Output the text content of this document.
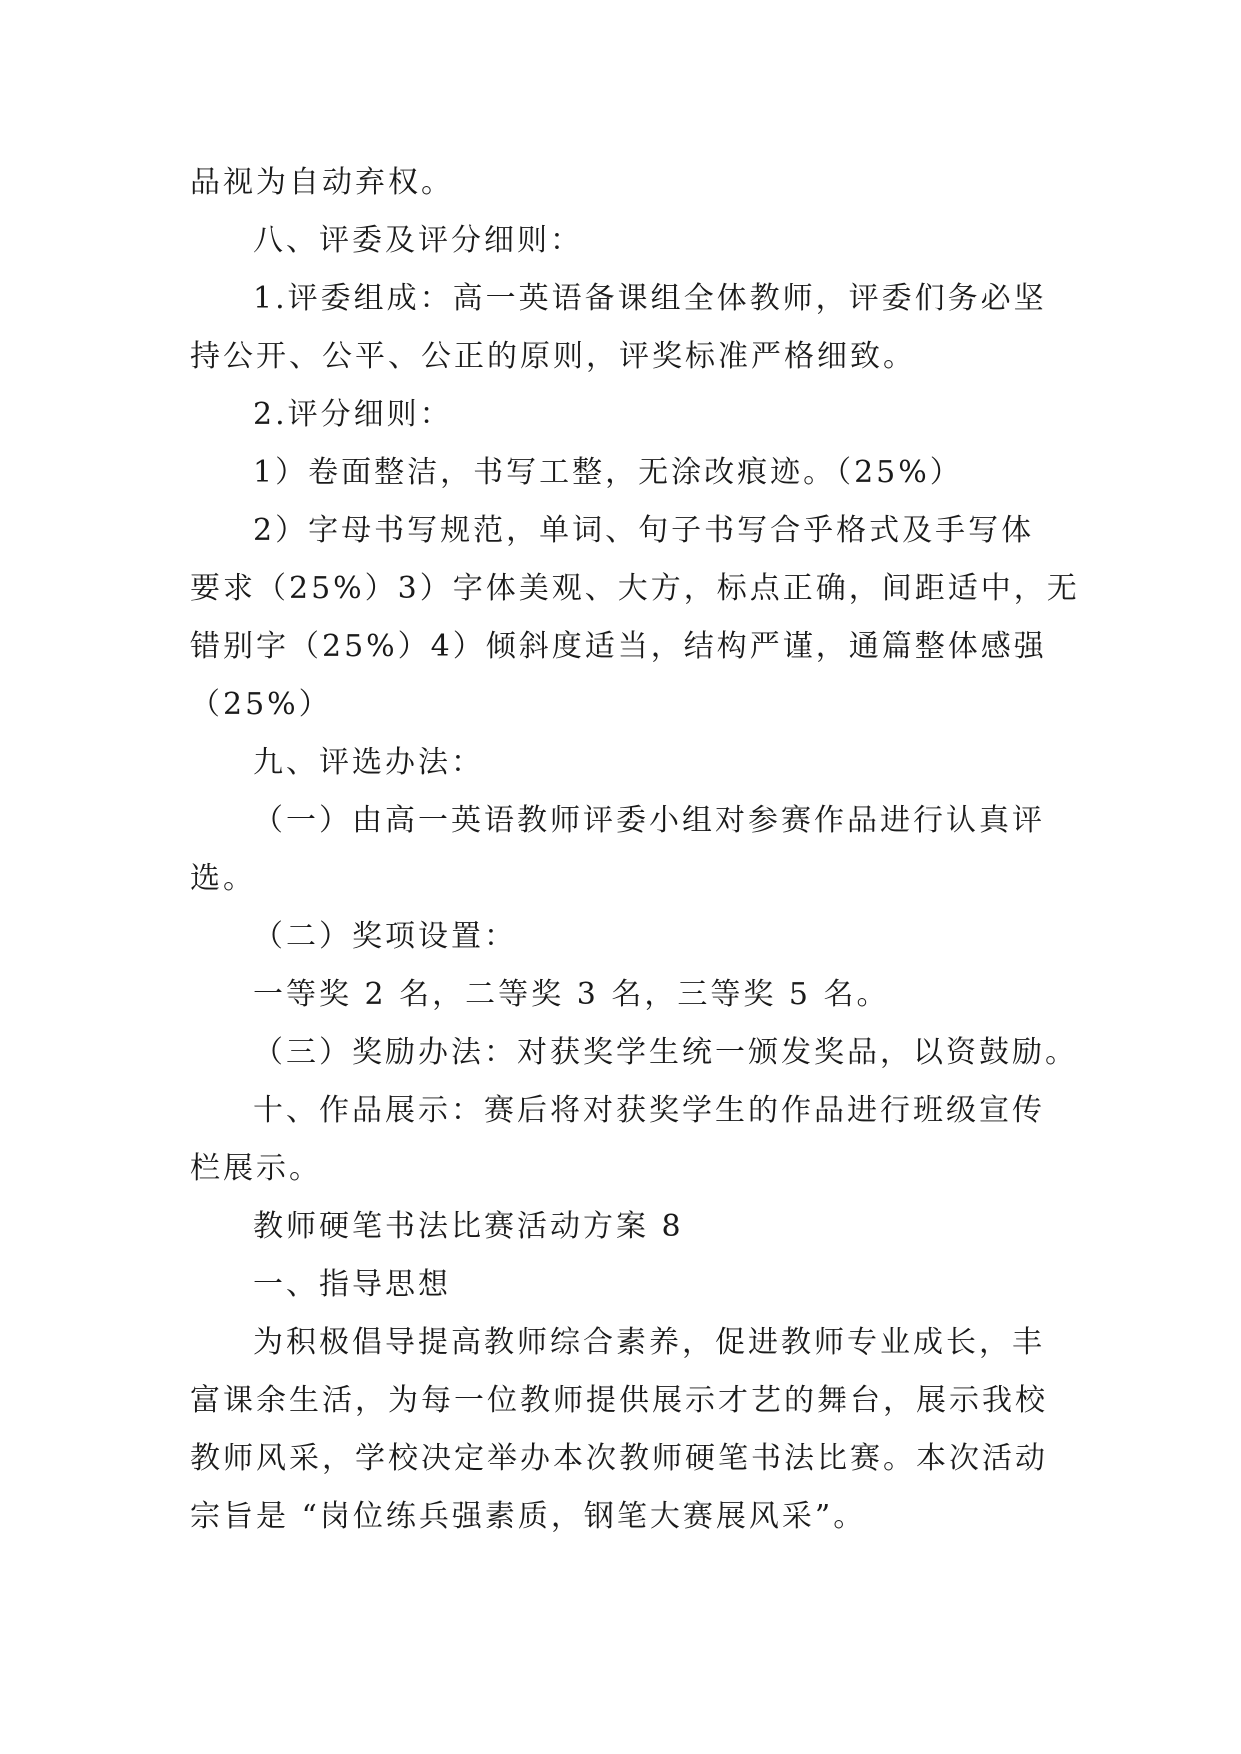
品视为自动弃权。
八、评委及评分细则：
1.评委组成：高一英语备课组全体教师，评委们务必坚
持公开、公平、公正的原则，评奖标准严格细致。
2.评分细则：
1）卷面整洁，书写工整，无涂改痕迹。（25%）
2）字母书写规范，单词、句子书写合乎格式及手写体
要求（25%）3）字体美观、大方，标点正确，间距适中，无
错别字（25%）4）倾斜度适当，结构严谨，通篇整体感强
（25%）
九、评选办法：
（一）由高一英语教师评委小组对参赛作品进行认真评
选。
（二）奖项设置：
一等奖 2 名，二等奖 3 名，三等奖 5 名。
（三）奖励办法：对获奖学生统一颁发奖品，以资鼓励。
十、作品展示：赛后将对获奖学生的作品进行班级宣传
栏展示。
教师硬笔书法比赛活动方案 8
一、指导思想
为积极倡导提高教师综合素养，促进教师专业成长，丰
富课余生活，为每一位教师提供展示才艺的舞台，展示我校
教师风采，学校决定举办本次教师硬笔书法比赛。本次活动
宗旨是 “岗位练兵强素质，钢笔大赛展风采”。
